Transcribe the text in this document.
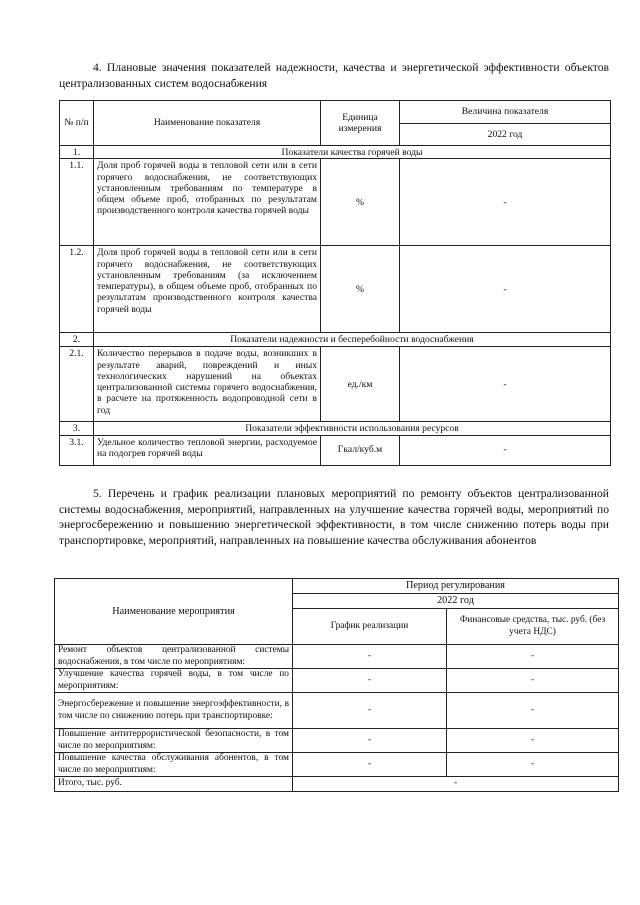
4. Плановые значения показателей надежности, качества и энергетической эффективности объектов централизованных систем водоснабжения

№ п/п	Наименование показателя	Единица измерения	Величина показателя
			2022 год
1.	Показатели качества горячей воды		
1.1.	Доля проб горячей воды в тепловой сети или в сети горячего водоснабжения, не соответствующих установленным требованиям по температуре в общем объеме проб, отобранных по результатам производственного контроля качества горячей воды	%	-
1.2.	Доля проб горячей воды в тепловой сети или в сети горячего водоснабжения, не соответствующих установленным требованиям (за исключением температуры), в общем объеме проб, отобранных по результатам производственного контроля качества горячей воды	%	-
2.	Показатели надежности и бесперебойности водоснабжения		
2.1.	Количество перерывов в подаче воды, возникших в результате аварий, повреждений и иных технологических нарушений на объектах централизованной системы горячего водоснабжения, в расчете на протяженность водопроводной сети в год	ед./км	-
3.	Показатели эффективности использования ресурсов		
3.1.	Удельное количество тепловой энергии, расходуемое на подогрев горячей воды	Гкал/куб.м	-

5. Перечень и график реализации плановых мероприятий по ремонту объектов централизованной системы водоснабжения, мероприятий, направленных на улучшение качества горячей воды, мероприятий по энергосбережению и повышению энергетической эффективности, в том числе снижению потерь воды при транспортировке, мероприятий, направленных на повышение качества обслуживания абонентов

Наименование мероприятия	Период регулирования	
	2022 год	
	График реализации	Финансовые средства, тыс. руб. (без учета НДС)
Ремонт объектов централизованной системы водоснабжения, в том числе по мероприятиям:	-	-
Улучшение качества горячей воды, в том числе по мероприятиям:	-	-
Энергосбережение и повышение энергоэффективности, в том числе по снижению потерь при транспортировке:	-	-
Повышение антитеррористической безопасности, в том числе по мероприятиям:	-	-
Повышение качества обслуживания абонентов, в том числе по мероприятиям:	-	-
Итого, тыс. руб.	-	
